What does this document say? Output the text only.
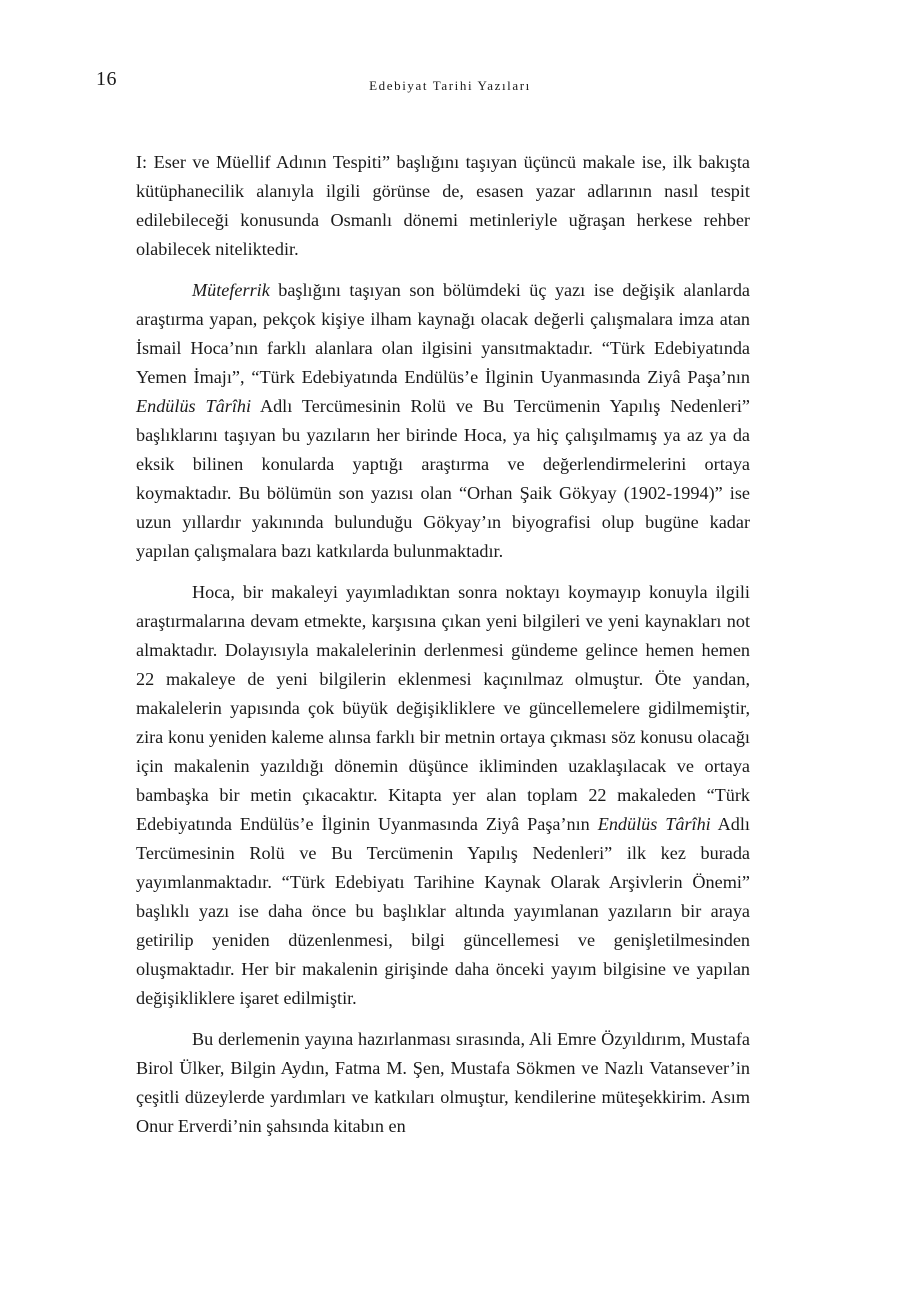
16	Edebiyat Tarihi Yazıları

I: Eser ve Müellif Adının Tespiti” başlığını taşıyan üçüncü makale ise, ilk bakışta kütüphanecilik alanıyla ilgili görünse de, esasen yazar adlarının nasıl tespit edilebileceği konusunda Osmanlı dönemi metinleriyle uğraşan herkese rehber olabilecek niteliktedir.

Müteferrik başlığını taşıyan son bölümdeki üç yazı ise değişik alanlarda araştırma yapan, pekçok kişiye ilham kaynağı olacak değerli çalışmalara imza atan İsmail Hoca’nın farklı alanlara olan ilgisini yansıtmaktadır. “Türk Edebiyatında Yemen İmajı”, “Türk Edebiyatında Endülüs’e İlginin Uyanmasında Ziyâ Paşa’nın Endülüs Târîhi Adlı Tercümesinin Rolü ve Bu Tercümenin Yapılış Nedenleri” başlıklarını taşıyan bu yazıların her birinde Hoca, ya hiç çalışılmamış ya az ya da eksik bilinen konularda yaptığı araştırma ve değerlendirmelerini ortaya koymaktadır. Bu bölümün son yazısı olan “Orhan Şaik Gökyay (1902-1994)” ise uzun yıllardır yakınında bulunduğu Gökyay’ın biyografisi olup bugüne kadar yapılan çalışmalara bazı katkılarda bulunmaktadır.

Hoca, bir makaleyi yayımladıktan sonra noktayı koymayıp konuyla ilgili araştırmalarına devam etmekte, karşısına çıkan yeni bilgileri ve yeni kaynakları not almaktadır. Dolayısıyla makalelerinin derlenmesi gündeme gelince hemen hemen 22 makaleye de yeni bilgilerin eklenmesi kaçınılmaz olmuştur. Öte yandan, makalelerin yapısında çok büyük değişikliklere ve güncellemelere gidilmemiştir, zira konu yeniden kaleme alınsa farklı bir metnin ortaya çıkması söz konusu olacağı için makalenin yazıldığı dönemin düşünce ikliminden uzaklaşılacak ve ortaya bambaşka bir metin çıkacaktır. Kitapta yer alan toplam 22 makaleden “Türk Edebiyatında Endülüs’e İlginin Uyanmasında Ziyâ Paşa’nın Endülüs Târîhi Adlı Tercümesinin Rolü ve Bu Tercümenin Yapılış Nedenleri” ilk kez burada yayımlanmaktadır. “Türk Edebiyatı Tarihine Kaynak Olarak Arşivlerin Önemi” başlıklı yazı ise daha önce bu başlıklar altında yayımlanan yazıların bir araya getirilip yeniden düzenlenmesi, bilgi güncellemesi ve genişletilmesinden oluşmaktadır. Her bir makalenin girişinde daha önceki yayım bilgisine ve yapılan değişikliklere işaret edilmiştir.

Bu derlemenin yayına hazırlanması sırasında, Ali Emre Özyıldırım, Mustafa Birol Ülker, Bilgin Aydın, Fatma M. Şen, Mustafa Sökmen ve Nazlı Vatansever’in çeşitli düzeylerde yardımları ve katkıları olmuştur, kendilerine müteşekkirim. Asım Onur Erverdi’nin şahsında kitabın en
